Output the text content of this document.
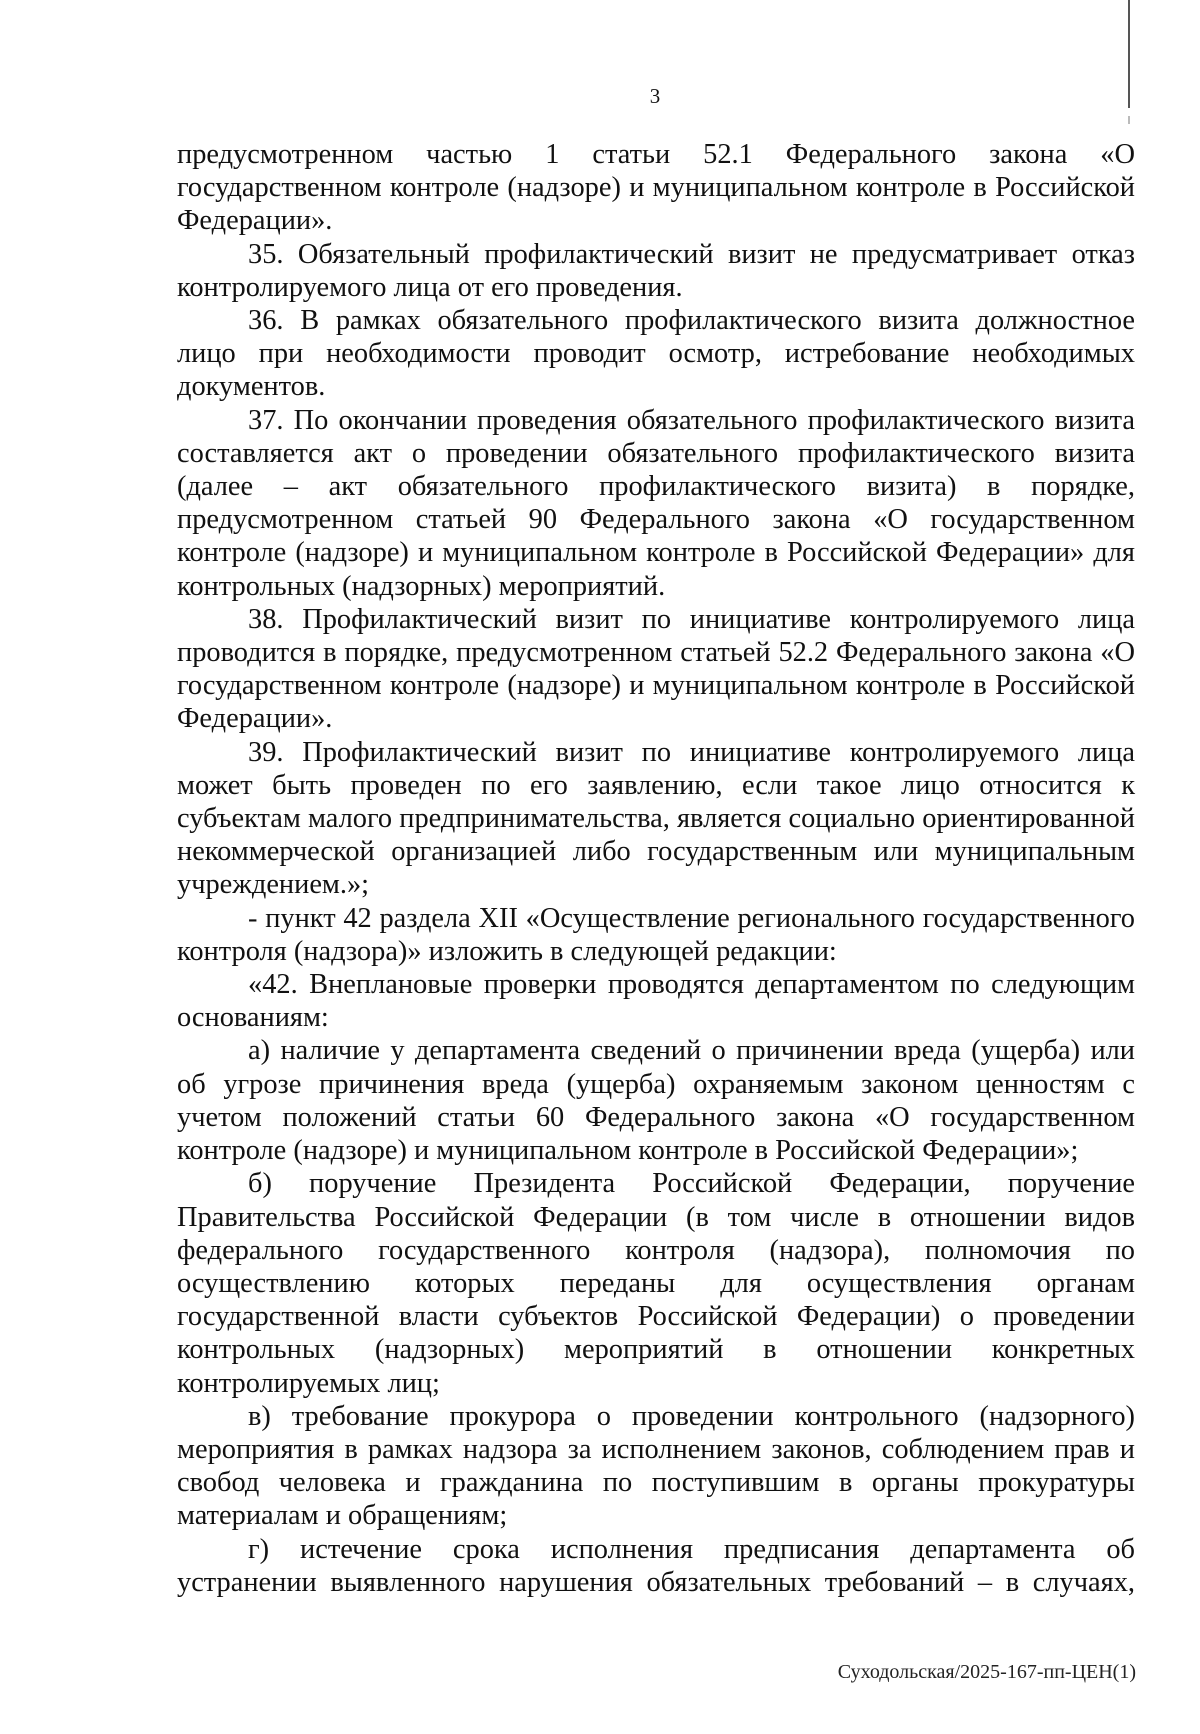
3

предусмотренном частью 1 статьи 52.1 Федерального закона «О государственном контроле (надзоре) и муниципальном контроле в Российской Федерации».

35. Обязательный профилактический визит не предусматривает отказ контролируемого лица от его проведения.

36. В рамках обязательного профилактического визита должностное лицо при необходимости проводит осмотр, истребование необходимых документов.

37. По окончании проведения обязательного профилактического визита составляется акт о проведении обязательного профилактического визита (далее – акт обязательного профилактического визита) в порядке, предусмотренном статьей 90 Федерального закона «О государственном контроле (надзоре) и муниципальном контроле в Российской Федерации» для контрольных (надзорных) мероприятий.

38. Профилактический визит по инициативе контролируемого лица проводится в порядке, предусмотренном статьей 52.2 Федерального закона «О государственном контроле (надзоре) и муниципальном контроле в Российской Федерации».

39. Профилактический визит по инициативе контролируемого лица может быть проведен по его заявлению, если такое лицо относится к субъектам малого предпринимательства, является социально ориентированной некоммерческой организацией либо государственным или муниципальным учреждением.»;

- пункт 42 раздела XII «Осуществление регионального государственного контроля (надзора)» изложить в следующей редакции:

«42. Внеплановые проверки проводятся департаментом по следующим основаниям:

а) наличие у департамента сведений о причинении вреда (ущерба) или об угрозе причинения вреда (ущерба) охраняемым законом ценностям с учетом положений статьи 60 Федерального закона «О государственном контроле (надзоре) и муниципальном контроле в Российской Федерации»;

б) поручение Президента Российской Федерации, поручение Правительства Российской Федерации (в том числе в отношении видов федерального государственного контроля (надзора), полномочия по осуществлению которых переданы для осуществления органам государственной власти субъектов Российской Федерации) о проведении контрольных (надзорных) мероприятий в отношении конкретных контролируемых лиц;

в) требование прокурора о проведении контрольного (надзорного) мероприятия в рамках надзора за исполнением законов, соблюдением прав и свобод человека и гражданина по поступившим в органы прокуратуры материалам и обращениям;

г) истечение срока исполнения предписания департамента об устранении выявленного нарушения обязательных требований – в случаях,

Суходольская/2025-167-пп-ЦЕН(1)
